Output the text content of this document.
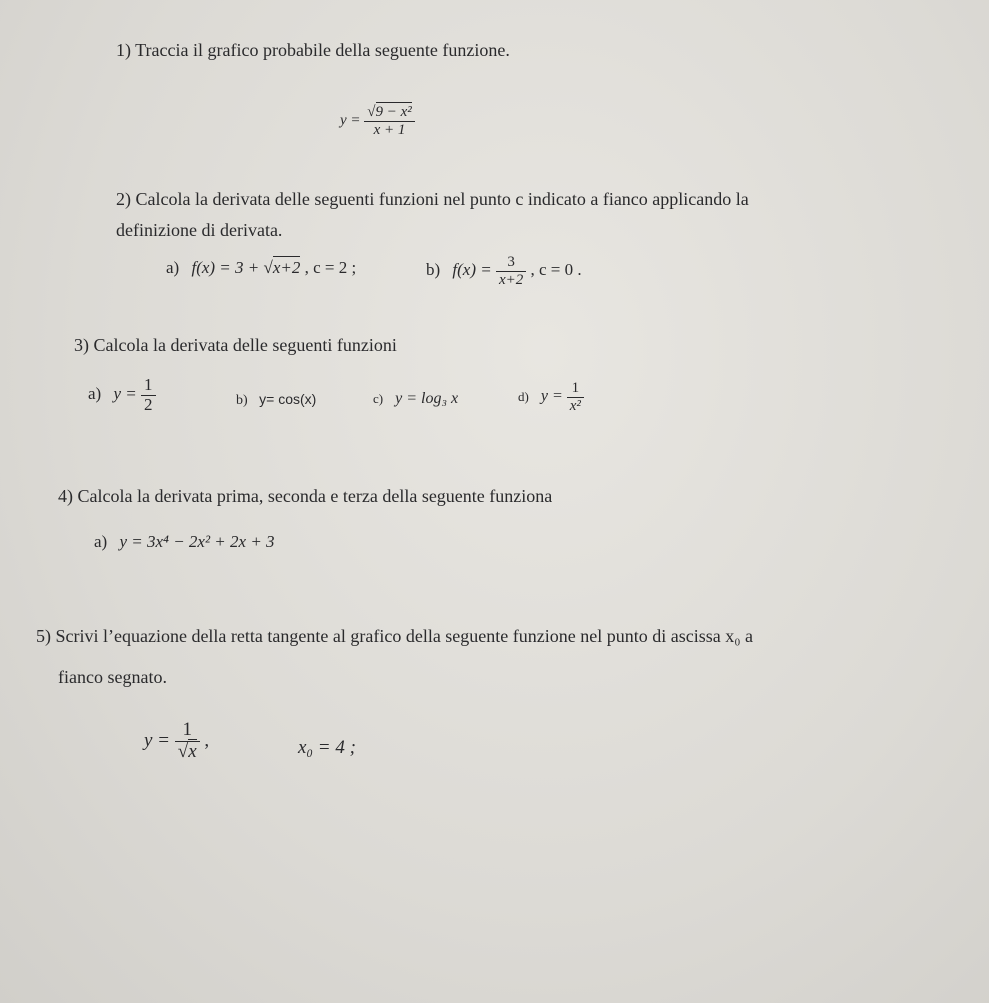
1) Traccia il grafico probabile della seguente funzione.
$y = \frac{\text{√9 − x²}}{x + 1}$
2) Calcola la derivata delle seguenti funzioni nel punto c indicato a fianco applicando la
definizione di derivata.
a) f(x) = 3 + √x+2 , c = 2 ;	b) $f(x) = \frac{3}{x+2}$ , c = 0 .
3) Calcola la derivata delle seguenti funzioni
a) $y = \frac{1}{2}$	b) y= cos(x)	c) y = log₃ x	d) $y = \frac{1}{\text{x²}}$
4) Calcola la derivata prima, seconda e terza della seguente funziona
a) y = 3x⁴ − 2x² + 2x + 3
5) Scrivi l’equazione della retta tangente al grafico della seguente funzione nel punto di ascissa x₀ a
fianco segnato.
$y = \frac{1}{√x}$ ,	x₀ = 4 ;
